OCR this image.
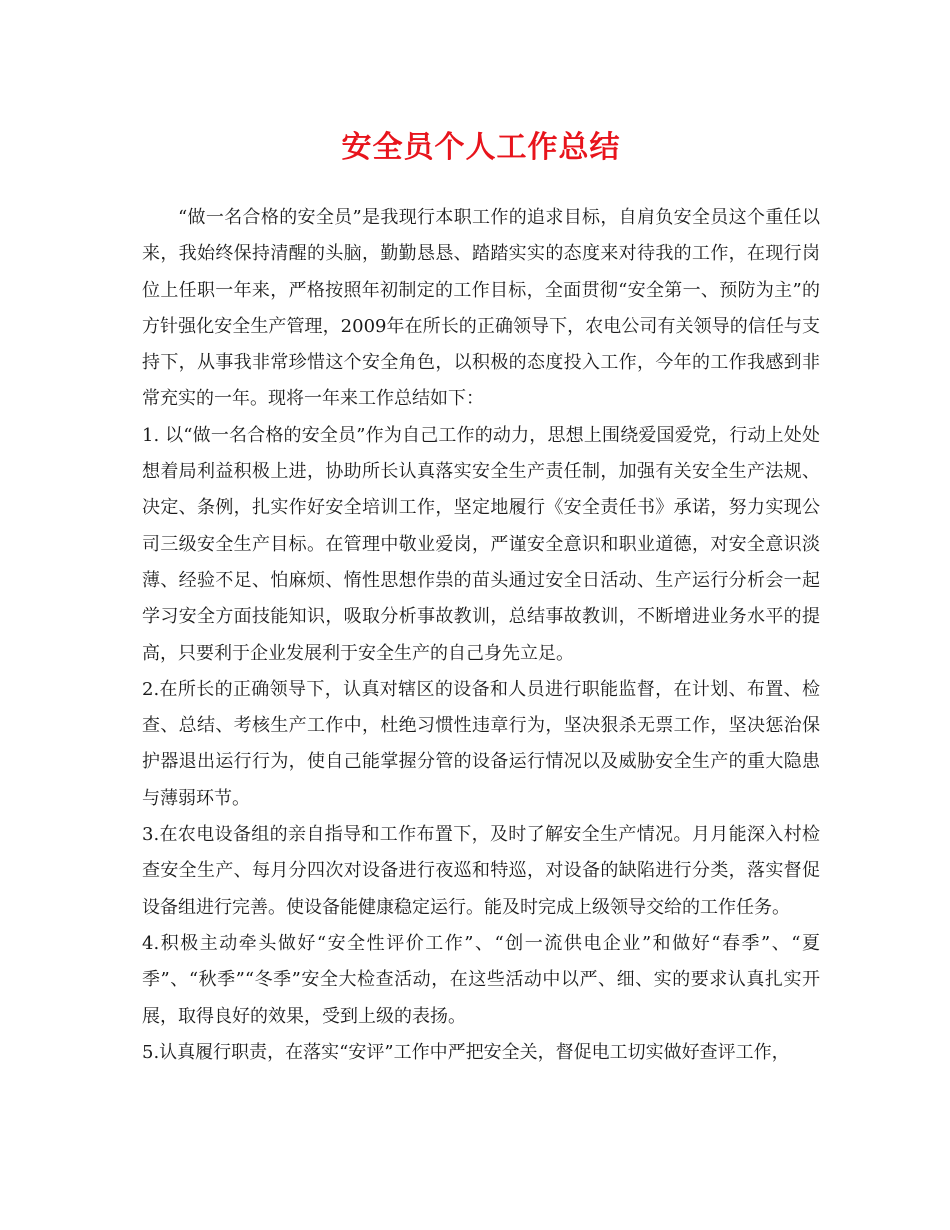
安全员个人工作总结

“做一名合格的安全员”是我现行本职工作的追求目标，自肩负安全员这个重任以来，我始终保持清醒的头脑，勤勤恳恳、踏踏实实的态度来对待我的工作，在现行岗位上任职一年来，严格按照年初制定的工作目标，全面贯彻“安全第一、预防为主”的方针强化安全生产管理，2009年在所长的正确领导下，农电公司有关领导的信任与支持下，从事我非常珍惜这个安全角色，以积极的态度投入工作，今年的工作我感到非常充实的一年。现将一年来工作总结如下：

1. 以“做一名合格的安全员”作为自己工作的动力，思想上围绕爱国爱党，行动上处处想着局利益积极上进，协助所长认真落实安全生产责任制，加强有关安全生产法规、决定、条例，扎实作好安全培训工作，坚定地履行《安全责任书》承诺，努力实现公司三级安全生产目标。在管理中敬业爱岗，严谨安全意识和职业道德，对安全意识淡薄、经验不足、怕麻烦、惰性思想作祟的苗头通过安全日活动、生产运行分析会一起学习安全方面技能知识，吸取分析事故教训，总结事故教训，不断增进业务水平的提高，只要利于企业发展利于安全生产的自己身先立足。

2.在所长的正确领导下，认真对辖区的设备和人员进行职能监督，在计划、布置、检查、总结、考核生产工作中，杜绝习惯性违章行为，坚决狠杀无票工作，坚决惩治保护器退出运行行为，使自己能掌握分管的设备运行情况以及威胁安全生产的重大隐患与薄弱环节。

3.在农电设备组的亲自指导和工作布置下，及时了解安全生产情况。月月能深入村检查安全生产、每月分四次对设备进行夜巡和特巡，对设备的缺陷进行分类，落实督促设备组进行完善。使设备能健康稳定运行。能及时完成上级领导交给的工作任务。

4.积极主动牵头做好“安全性评价工作”、“创一流供电企业”和做好“春季”、“夏季”、“秋季”“冬季”安全大检查活动，在这些活动中以严、细、实的要求认真扎实开展，取得良好的效果，受到上级的表扬。

5.认真履行职责，在落实“安评”工作中严把安全关，督促电工切实做好查评工作，
